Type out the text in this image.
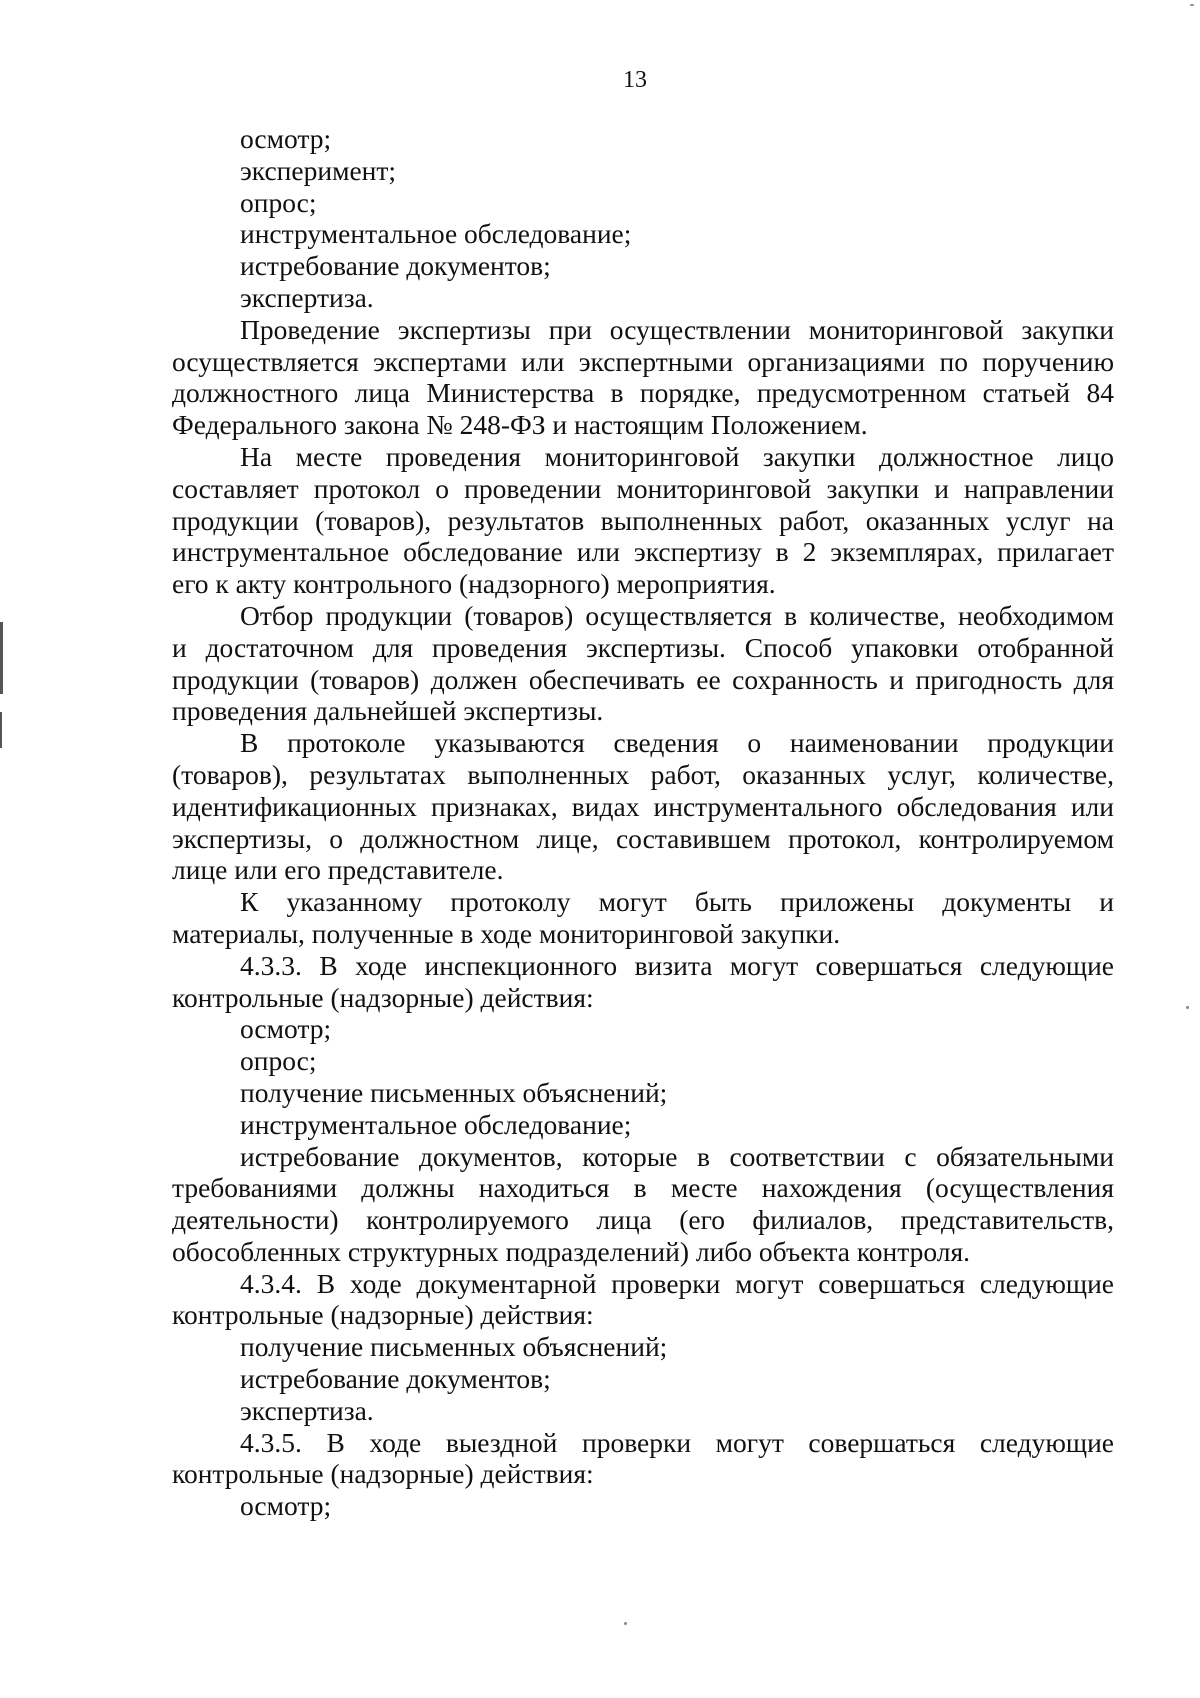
13
осмотр;
эксперимент;
опрос;
инструментальное обследование;
истребование документов;
экспертиза.
Проведение экспертизы при осуществлении мониторинговой закупки
осуществляется экспертами или экспертными организациями по поручению
должностного лица Министерства в порядке, предусмотренном статьей 84
Федерального закона № 248-ФЗ и настоящим Положением.
На месте проведения мониторинговой закупки должностное лицо
составляет протокол о проведении мониторинговой закупки и направлении
продукции (товаров), результатов выполненных работ, оказанных услуг на
инструментальное обследование или экспертизу в 2 экземплярах, прилагает
его к акту контрольного (надзорного) мероприятия.
Отбор продукции (товаров) осуществляется в количестве, необходимом
и достаточном для проведения экспертизы. Способ упаковки отобранной
продукции (товаров) должен обеспечивать ее сохранность и пригодность для
проведения дальнейшей экспертизы.
В протоколе указываются сведения о наименовании продукции
(товаров), результатах выполненных работ, оказанных услуг, количестве,
идентификационных признаках, видах инструментального обследования или
экспертизы, о должностном лице, составившем протокол, контролируемом
лице или его представителе.
К указанному протоколу могут быть приложены документы и
материалы, полученные в ходе мониторинговой закупки.
4.3.3. В ходе инспекционного визита могут совершаться следующие
контрольные (надзорные) действия:
осмотр;
опрос;
получение письменных объяснений;
инструментальное обследование;
истребование документов, которые в соответствии с обязательными
требованиями должны находиться в месте нахождения (осуществления
деятельности) контролируемого лица (его филиалов, представительств,
обособленных структурных подразделений) либо объекта контроля.
4.3.4. В ходе документарной проверки могут совершаться следующие
контрольные (надзорные) действия:
получение письменных объяснений;
истребование документов;
экспертиза.
4.3.5. В ходе выездной проверки могут совершаться следующие
контрольные (надзорные) действия:
осмотр;
